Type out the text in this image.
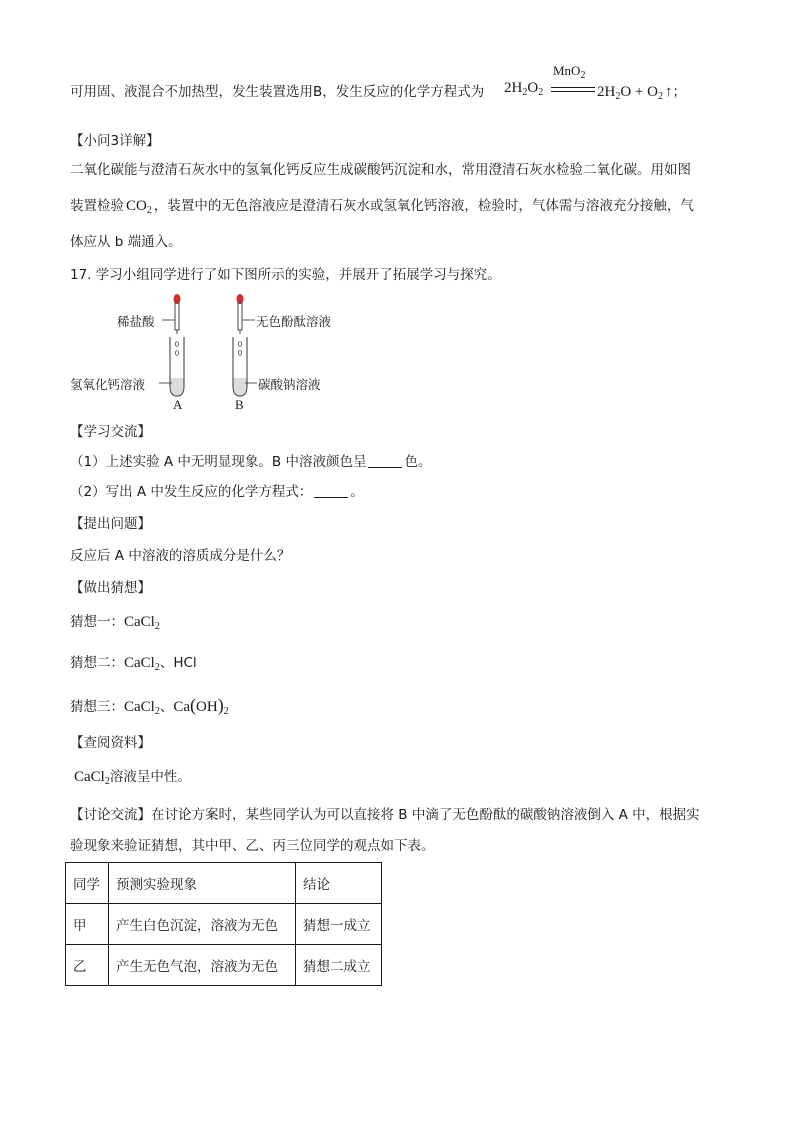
可用固、液混合不加热型，发生装置选用B，发生反应的化学方程式为 $2H_2O_2$
MnO$_2$
$2H_2O + O_2$ ↑；
【小问3详解】
二氧化碳能与澄清石灰水中的氢氧化钙反应生成碳酸钙沉淀和水，常用澄清石灰水检验二氧化碳。用如图
装置检验 $CO_2$ ，装置中的无色溶液应是澄清石灰水或氢氧化钙溶液，检验时，气体需与溶液充分接触，气
体应从 b 端通入。
17. 学习小组同学进行了如下图所示的实验，并展开了拓展学习与探究。
稀盐酸	无色酚酞溶液
氢氧化钙溶液	碳酸钠溶液
A	B
【学习交流】
（1）上述实验 A 中无明显现象。B 中溶液颜色呈	色。
（2）写出 A 中发生反应的化学方程式：	。
【提出问题】
反应后 A 中溶液的溶质成分是什么？
【做出猜想】
猜想一：CaCl$_2$
猜想二：CaCl$_2$、HCl
猜想三：CaCl$_2$、$Ca(OH)_2$
【查阅资料】
CaCl$_2$溶液呈中性。
【讨论交流】在讨论方案时，某些同学认为可以直接将 B 中滴了无色酚酞的碳酸钠溶液倒入 A 中，根据实
验现象来验证猜想，其中甲、乙、丙三位同学的观点如下表。
同学	预测实验现象	结论
甲	产生白色沉淀，溶液为无色	猜想一成立
乙	产生无色气泡，溶液为无色	猜想二成立
